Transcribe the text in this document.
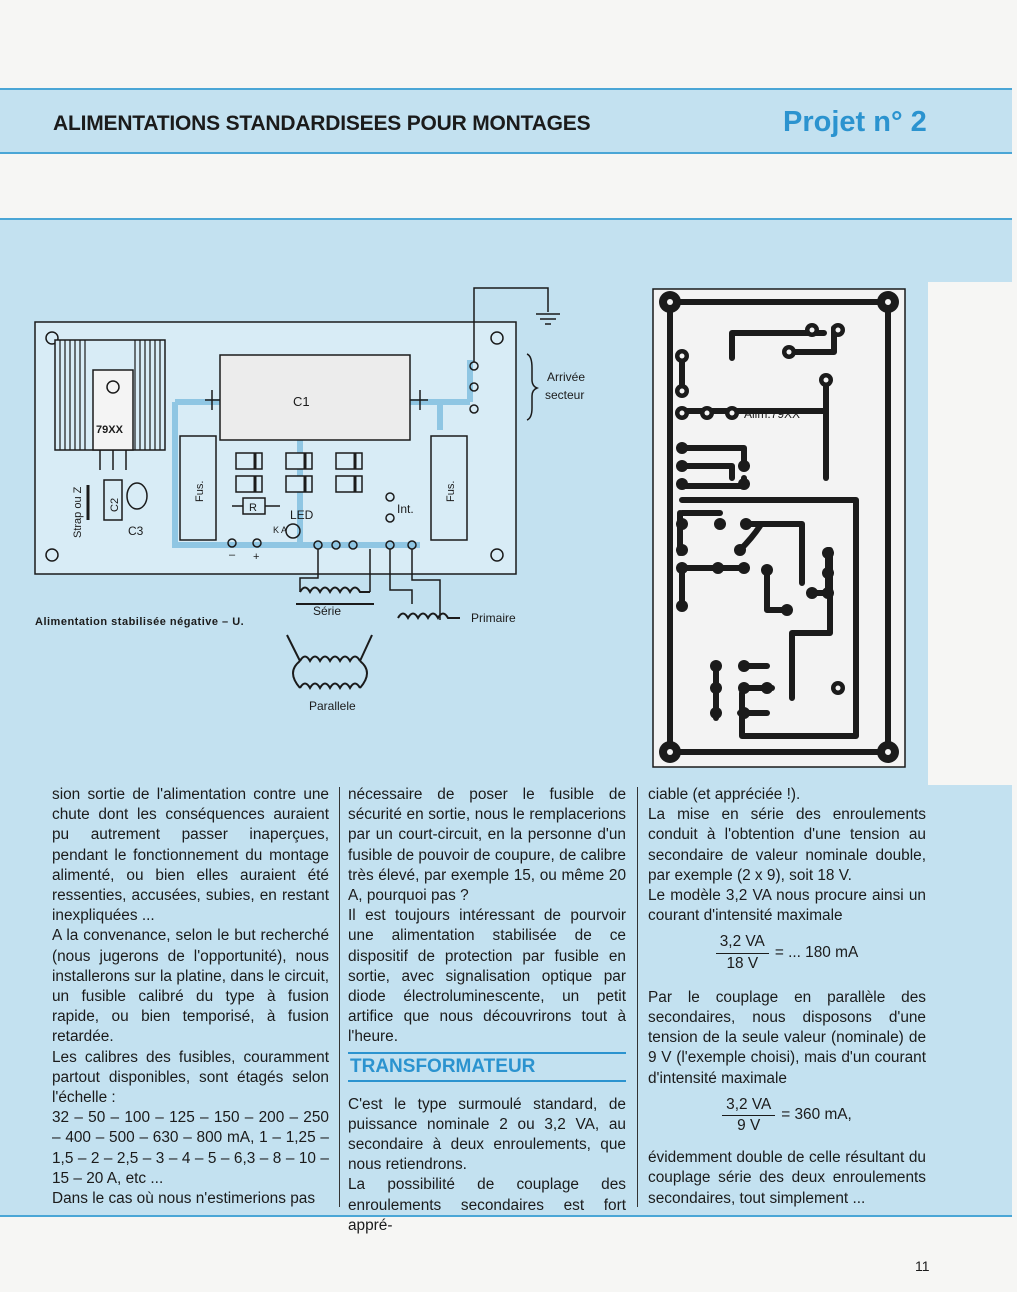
ALIMENTATIONS STANDARDISEES POUR MONTAGES	Projet n° 2
C1
79XX
Strap ou Z C2
C3
Fus.	Fus.
R	LED
K A
Int.
– +
Arrivée
secteur
Série	Primaire
Parallele
Alimentation stabilisée négative – U.
Alim.79XX

sion sortie de l'alimentation contre une chute dont les conséquences auraient pu autrement passer inaperçues, pendant le fonctionnement du montage alimenté, ou bien elles auraient été ressenties, accusées, subies, en restant inexpliquées ...

A la convenance, selon le but recherché (nous jugerons de l'opportunité), nous installerons sur la platine, dans le circuit, un fusible calibré du type à fusion rapide, ou bien temporisé, à fusion retardée.

Les calibres des fusibles, couramment partout disponibles, sont étagés selon l'échelle :

32 – 50 – 100 – 125 – 150 – 200 – 250 – 400 – 500 – 630 – 800 mA, 1 – 1,25 – 1,5 – 2 – 2,5 – 3 – 4 – 5 – 6,3 – 8 – 10 – 15 – 20 A, etc ...

Dans le cas où nous n'estimerions pas

nécessaire de poser le fusible de sécurité en sortie, nous le remplacerions par un court-circuit, en la personne d'un fusible de pouvoir de coupure, de calibre très élevé, par exemple 15, ou même 20 A, pourquoi pas ?

Il est toujours intéressant de pourvoir une alimentation stabilisée de ce dispositif de protection par fusible en sortie, avec signalisation optique par diode électroluminescente, un petit artifice que nous découvrirons tout à l'heure.

TRANSFORMATEUR

C'est le type surmoulé standard, de puissance nominale 2 ou 3,2 VA, au secondaire à deux enroulements, que nous retiendrons.

La possibilité de couplage des enroulements secondaires est fort appré-

ciable (et appréciée !).

La mise en série des enroulements conduit à l'obtention d'une tension au secondaire de valeur nominale double, par exemple (2 x 9), soit 18 V.

Le modèle 3,2 VA nous procure ainsi un courant d'intensité maximale

$\frac{3,2 VA}{18 V}$ = ... 180 mA

Par le couplage en parallèle des secondaires, nous disposons d'une tension de la seule valeur (nominale) de 9 V (l'exemple choisi), mais d'un courant d'intensité maximale

$\frac{3,2 VA}{9 V} = 360$ mA,

évidemment double de celle résultant du couplage série des deux enroulements secondaires, tout simplement ...

11
